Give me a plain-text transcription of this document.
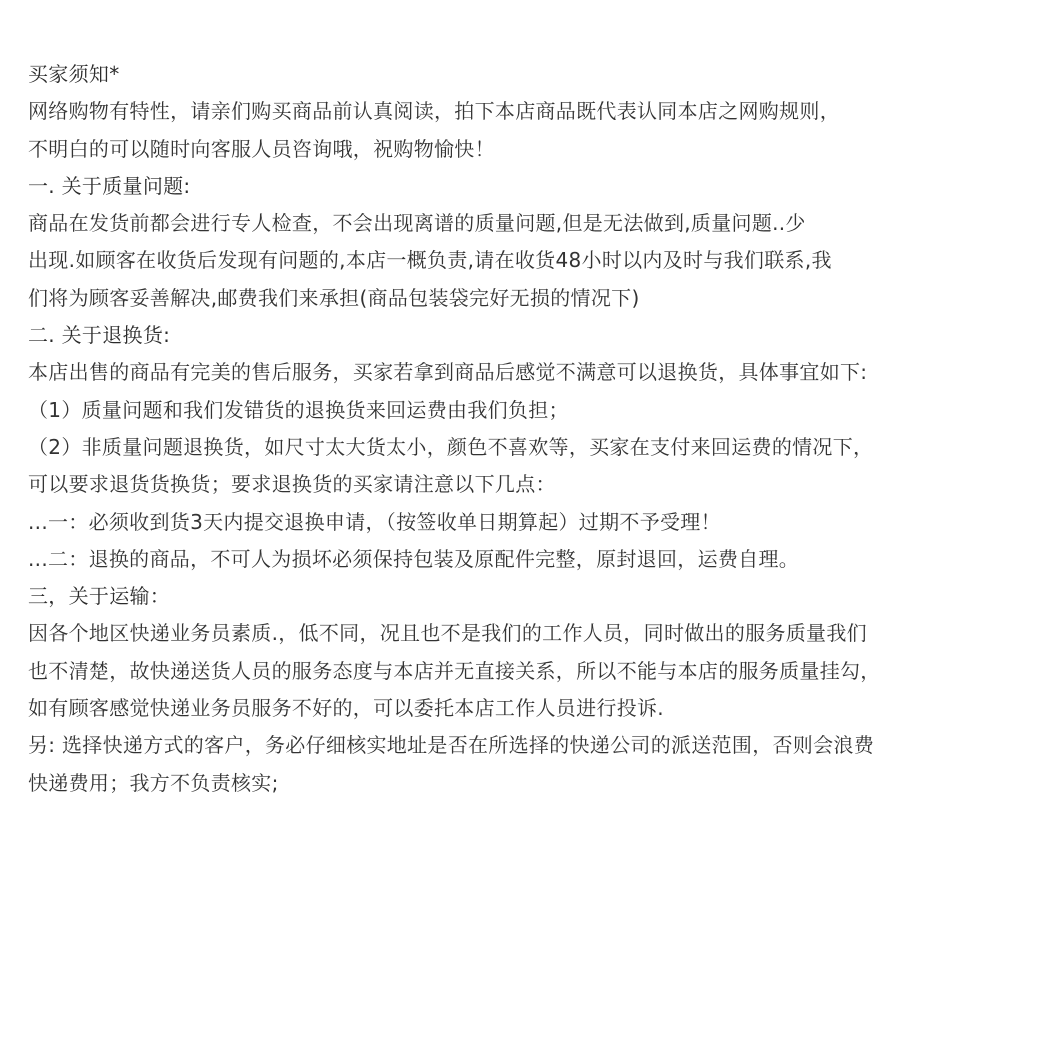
买家须知*

网络购物有特性，请亲们购买商品前认真阅读，拍下本店商品既代表认同本店之网购规则，

不明白的可以随时向客服人员咨询哦，祝购物愉快！

一. 关于质量问题:

商品在发货前都会进行专人检查，不会出现离谱的质量问题,但是无法做到,质量问题..少

出现.如顾客在收货后发现有问题的,本店一概负责,请在收货48小时以内及时与我们联系,我

们将为顾客妥善解决,邮费我们来承担(商品包装袋完好无损的情况下)

二. 关于退换货:

本店出售的商品有完美的售后服务，买家若拿到商品后感觉不满意可以退换货，具体事宜如下:

（1）质量问题和我们发错货的退换货来回运费由我们负担；

（2）非质量问题退换货，如尺寸太大货太小，颜色不喜欢等，买家在支付来回运费的情况下，

可以要求退货货换货；要求退换货的买家请注意以下几点：

...一：必须收到货3天内提交退换申请，（按签收单日期算起）过期不予受理！

...二：退换的商品，不可人为损坏必须保持包装及原配件完整，原封退回，运费自理。

三，关于运输：

因各个地区快递业务员素质.，低不同，况且也不是我们的工作人员，同时做出的服务质量我们

也不清楚，故快递送货人员的服务态度与本店并无直接关系，所以不能与本店的服务质量挂勾，

如有顾客感觉快递业务员服务不好的，可以委托本店工作人员进行投诉.

另: 选择快递方式的客户，务必仔细核实地址是否在所选择的快递公司的派送范围，否则会浪费

快递费用；我方不负责核实;
